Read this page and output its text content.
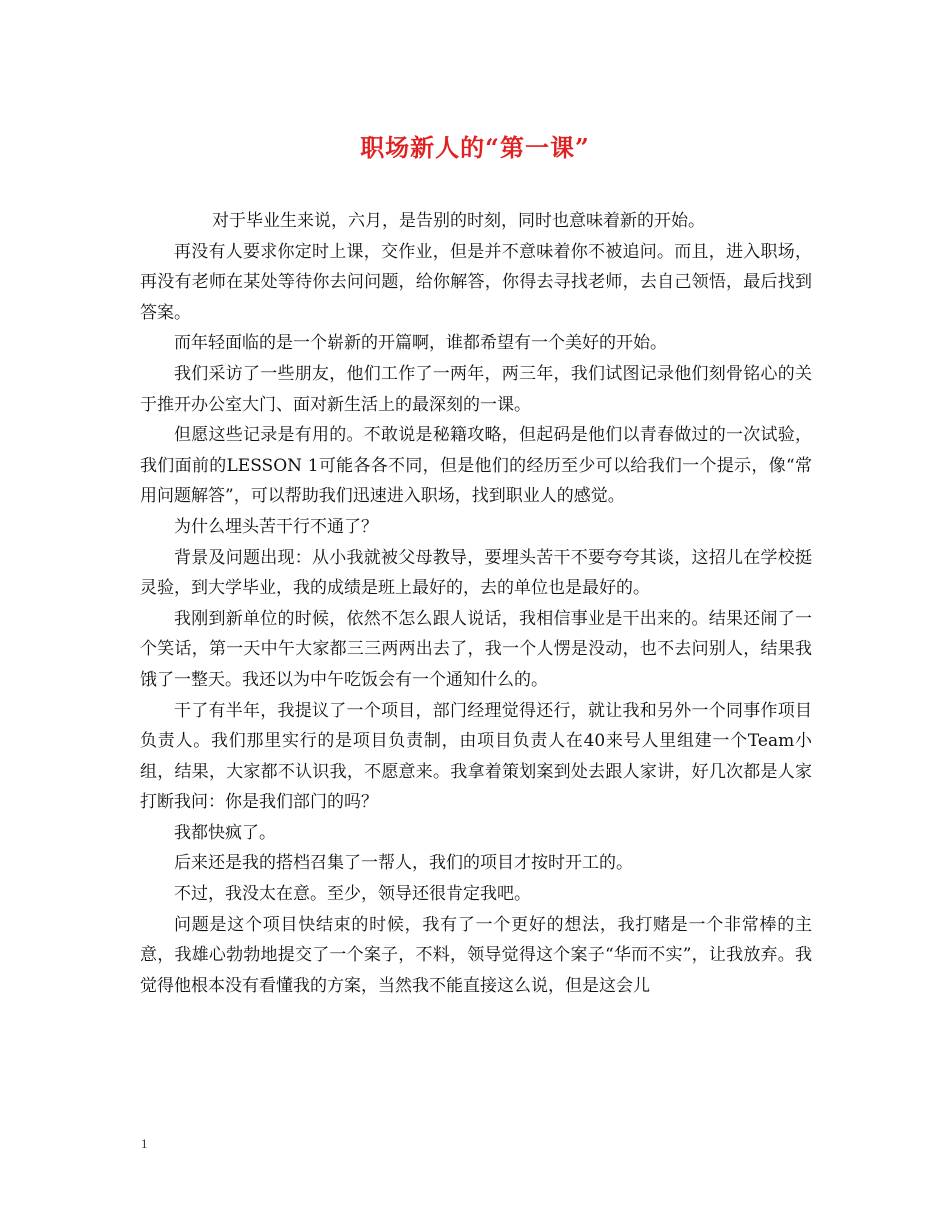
职场新人的“第一课”

对于毕业生来说，六月，是告别的时刻，同时也意味着新的开始。

再没有人要求你定时上课，交作业，但是并不意味着你不被追问。而且，进入职场，再没有老师在某处等待你去问问题，给你解答，你得去寻找老师，去自己领悟，最后找到答案。

而年轻面临的是一个崭新的开篇啊，谁都希望有一个美好的开始。

我们采访了一些朋友，他们工作了一两年，两三年，我们试图记录他们刻骨铭心的关于推开办公室大门、面对新生活上的最深刻的一课。

但愿这些记录是有用的。不敢说是秘籍攻略，但起码是他们以青春做过的一次试验，我们面前的LESSON 1可能各各不同，但是他们的经历至少可以给我们一个提示，像“常用问题解答”，可以帮助我们迅速进入职场，找到职业人的感觉。

为什么埋头苦干行不通了？

背景及问题出现：从小我就被父母教导，要埋头苦干不要夸夸其谈，这招儿在学校挺灵验，到大学毕业，我的成绩是班上最好的，去的单位也是最好的。

我刚到新单位的时候，依然不怎么跟人说话，我相信事业是干出来的。结果还闹了一个笑话，第一天中午大家都三三两两出去了，我一个人愣是没动，也不去问别人，结果我饿了一整天。我还以为中午吃饭会有一个通知什么的。

干了有半年，我提议了一个项目，部门经理觉得还行，就让我和另外一个同事作项目负责人。我们那里实行的是项目负责制，由项目负责人在40来号人里组建一个Team小组，结果，大家都不认识我，不愿意来。我拿着策划案到处去跟人家讲，好几次都是人家打断我问：你是我们部门的吗？

我都快疯了。

后来还是我的搭档召集了一帮人，我们的项目才按时开工的。

不过，我没太在意。至少，领导还很肯定我吧。

问题是这个项目快结束的时候，我有了一个更好的想法，我打赌是一个非常棒的主意，我雄心勃勃地提交了一个案子，不料，领导觉得这个案子“华而不实”，让我放弃。我觉得他根本没有看懂我的方案，当然我不能直接这么说，但是这会儿

1
